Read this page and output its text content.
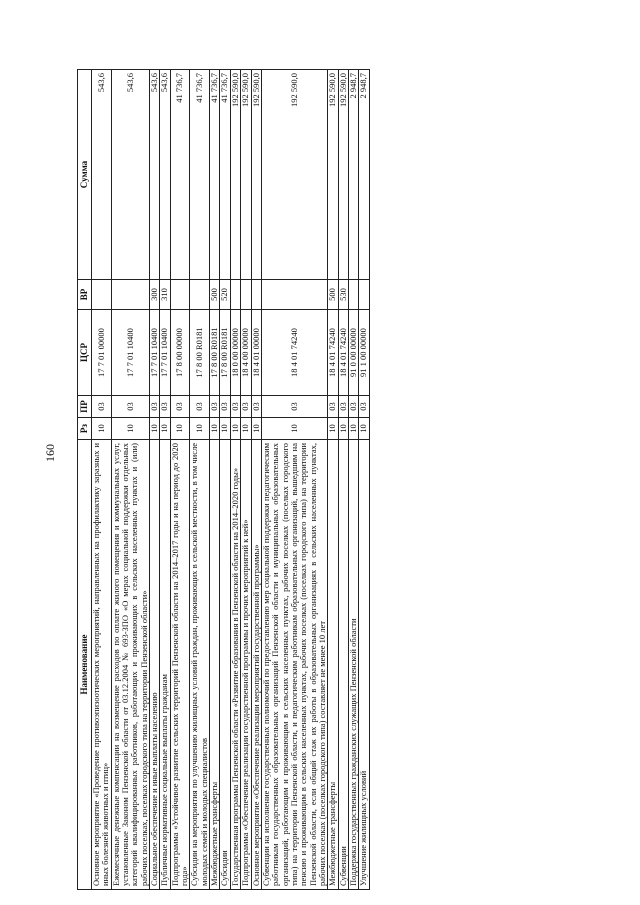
160
Наименование	Рз	ПР	ЦСР	ВР	Сумма
Основное мероприятие «Проведение противоэпизоотических мероприятий, направленных на профилактику заразных и иных болезней животных и птиц»	10	03	17 7 01 00000		543,6
Ежемесячные денежные компенсации на возмещение расходов по оплате жилого помещения и коммунальных услуг, установленные Законом Пензенской области от 03.12.2004 № 693-ЗПО «О мерах социальной поддержки отдельных категорий квалифицированных работников, работающих и проживающих в сельских населенных пунктах и (или) рабочих поселках, поселках городского типа на территории Пензенской области»	10	03	17 7 01 10400		543,6
Социальное обеспечение и иные выплаты населению	10	03	17 7 01 10400	300	543,6
Публичные нормативные социальные выплаты гражданам	10	03	17 7 01 10400	310	543,6
Подпрограмма «Устойчивое развитие сельских территорий Пензенской области на 2014–2017 годы и на период до 2020 года»	10	03	17 8 00 00000		41 736,7
Субсидии на мероприятия по улучшению жилищных условий граждан, проживающих в сельской местности, в том числе молодых семей и молодых специалистов	10	03	17 8 00 R0181		41 736,7
Межбюджетные трансферты	10	03	17 8 00 R0181	500	41 736,7
Субсидии	10	03	17 8 00 R0181	520	41 736,7
Государственная программа Пензенской области «Развитие образования в Пензенской области на 2014–2020 годы»	10	03	18 0 00 00000		192 590,0
Подпрограмма «Обеспечение реализации государственной программы и прочих мероприятий к ней»	10	03	18 4 00 00000		192 590,0
Основное мероприятие «Обеспечение реализации мероприятий государственной программы»	10	03	18 4 01 00000		192 590,0
Субвенции на исполнение государственных полномочий по предоставлению мер социальной поддержки педагогическим работникам государственных образовательных организаций Пензенской области и муниципальных образовательных организаций, работающим и проживающим в сельских населенных пунктах, рабочих поселках (поселках городского типа) на территории Пензенской области, и педагогическим работникам образовательных организаций, вышедшим на пенсию и проживающим в сельских населенных пунктах, рабочих поселках (поселках городского типа) на территории Пензенской области, если общий стаж их работы в образовательных организациях в сельских населенных пунктах, рабочих поселках (поселках городского типа) составляет не менее 10 лет	10	03	18 4 01 74240		192 590,0
Межбюджетные трансферты	10	03	18 4 01 74240	500	192 590,0
Субвенции	10	03	18 4 01 74240	530	192 590,0
Поддержка государственных гражданских служащих Пензенской области	10	03	91 0 00 00000		2 948,7
Улучшение жилищных условий	10	03	91 1 00 00000		2 948,7
